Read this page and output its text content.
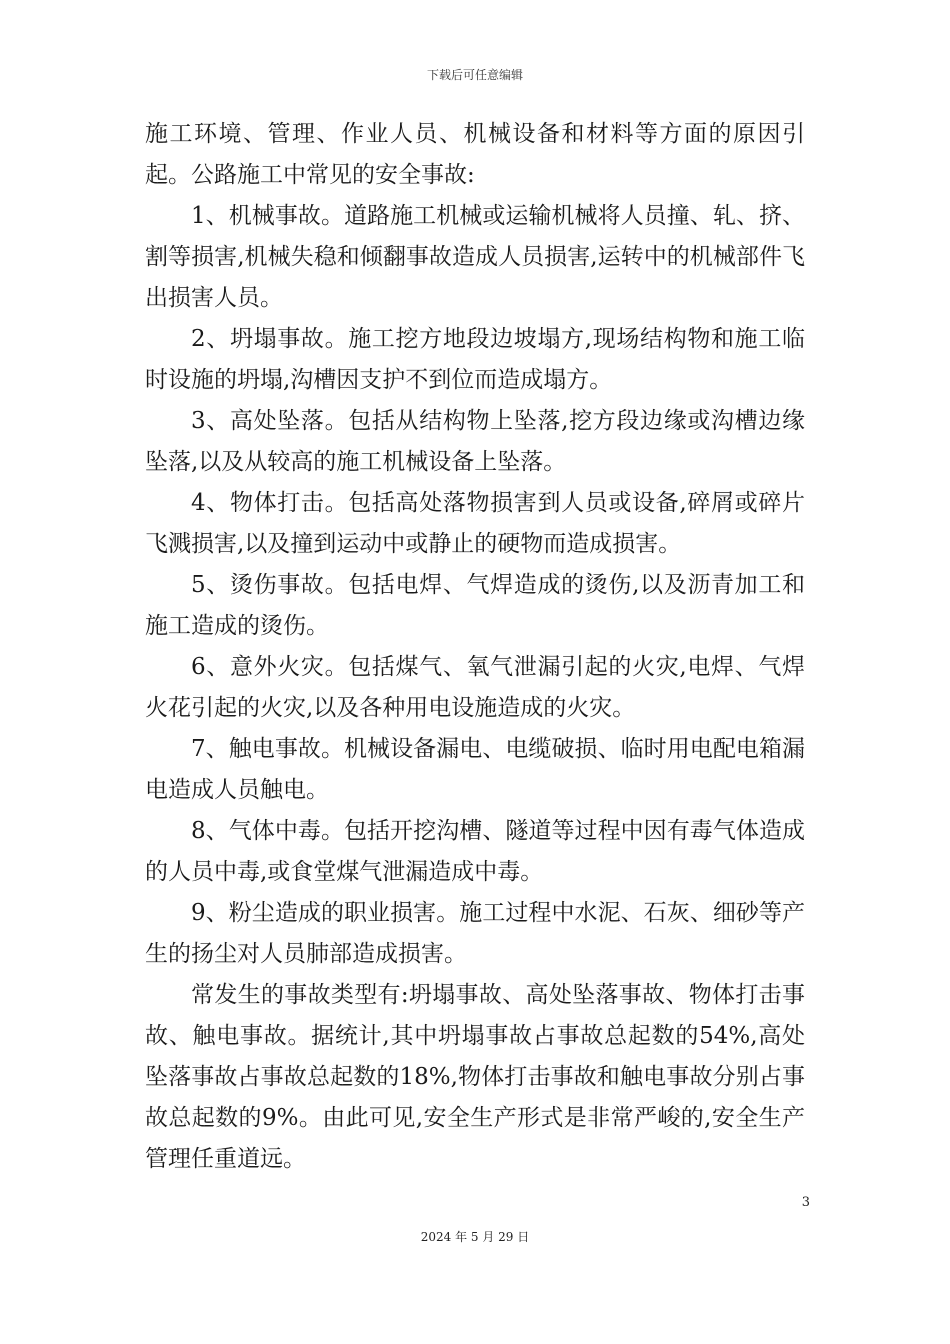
下载后可任意编辑

施工环境、管理、作业人员、机械设备和材料等方面的原因引起。公路施工中常见的安全事故:

1、机械事故。道路施工机械或运输机械将人员撞、轧、挤、割等损害,机械失稳和倾翻事故造成人员损害,运转中的机械部件飞出损害人员。

2、坍塌事故。施工挖方地段边坡塌方,现场结构物和施工临时设施的坍塌,沟槽因支护不到位而造成塌方。

3、高处坠落。包括从结构物上坠落,挖方段边缘或沟槽边缘坠落,以及从较高的施工机械设备上坠落。

4、物体打击。包括高处落物损害到人员或设备,碎屑或碎片飞溅损害,以及撞到运动中或静止的硬物而造成损害。

5、烫伤事故。包括电焊、气焊造成的烫伤,以及沥青加工和施工造成的烫伤。

6、意外火灾。包括煤气、氧气泄漏引起的火灾,电焊、气焊火花引起的火灾,以及各种用电设施造成的火灾。

7、触电事故。机械设备漏电、电缆破损、临时用电配电箱漏电造成人员触电。

8、气体中毒。包括开挖沟槽、隧道等过程中因有毒气体造成的人员中毒,或食堂煤气泄漏造成中毒。

9、粉尘造成的职业损害。施工过程中水泥、石灰、细砂等产生的扬尘对人员肺部造成损害。

常发生的事故类型有:坍塌事故、高处坠落事故、物体打击事故、触电事故。据统计,其中坍塌事故占事故总起数的54%,高处坠落事故占事故总起数的18%,物体打击事故和触电事故分别占事故总起数的9%。由此可见,安全生产形式是非常严峻的,安全生产管理任重道远。

3
2024 年 5 月 29 日
